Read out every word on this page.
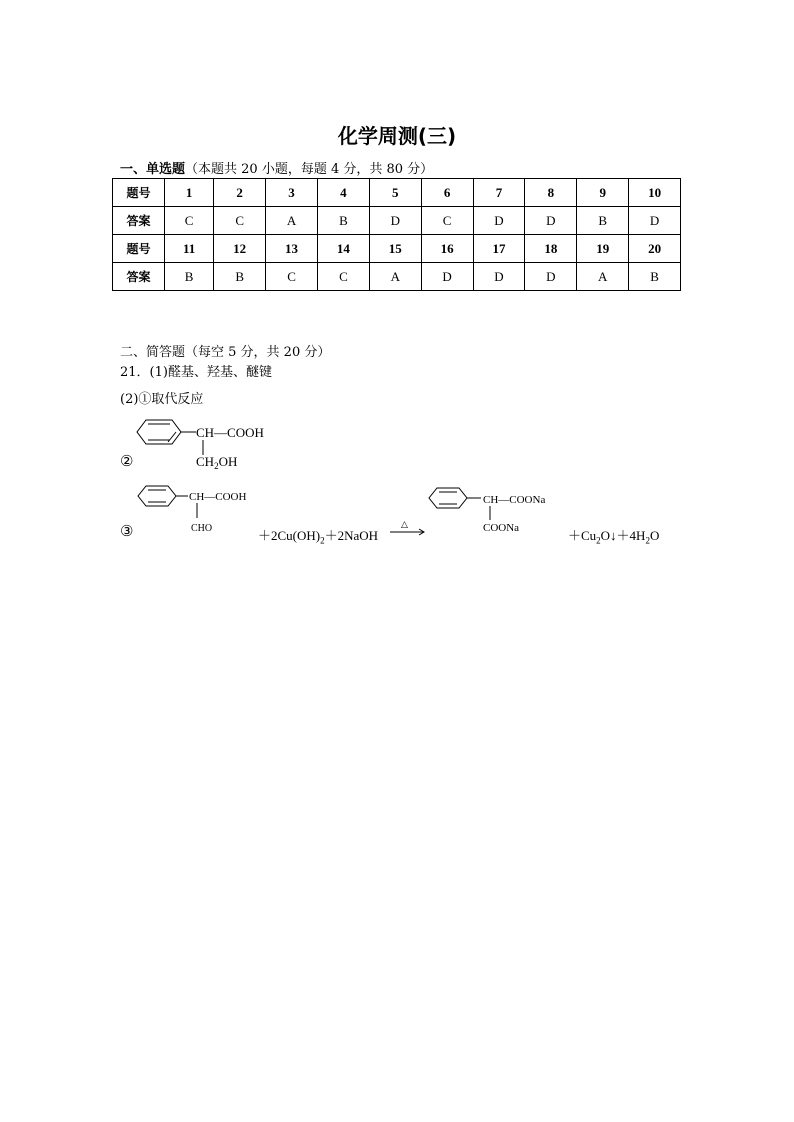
化学周测(三)
一、单选题（本题共 20 小题，每题 4 分，共 80 分）
题号	1	2	3	4	5	6	7	8	9	10
答案	C	C	A	B	D	C	D	D	B	D
题号	11	12	13	14	15	16	17	18	19	20
答案	B	B	C	C	A	D	D	D	A	B
二、简答题（每空 5 分，共 20 分）
21．(1)醛基、羟基、醚键
(2)①取代反应
②
③
CH—COOH
$CH_2OH$
CH—COOH
CHO	△
CH—COONa
COONa
$+2Cu(OH)_2+2NaOH$	$+Cu_2O↓+4H_2O$
